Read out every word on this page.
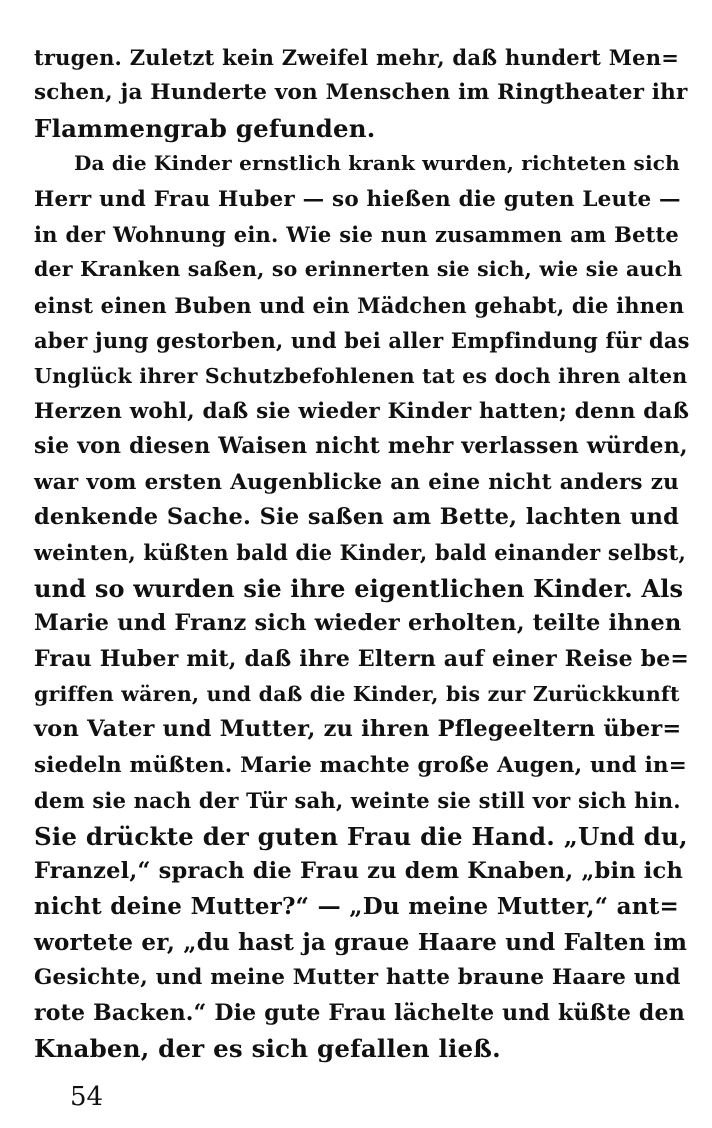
trugen. Zuletzt kein Zweifel mehr, daß hundert Men=
schen, ja Hunderte von Menschen im Ringtheater ihr
Flammengrab gefunden.
Da die Kinder ernstlich krank wurden, richteten sich
Herr und Frau Huber — so hießen die guten Leute —
in der Wohnung ein. Wie sie nun zusammen am Bette
der Kranken saßen, so erinnerten sie sich, wie sie auch
einst einen Buben und ein Mädchen gehabt, die ihnen
aber jung gestorben, und bei aller Empfindung für das
Unglück ihrer Schutzbefohlenen tat es doch ihren alten
Herzen wohl, daß sie wieder Kinder hatten; denn daß
sie von diesen Waisen nicht mehr verlassen würden,
war vom ersten Augenblicke an eine nicht anders zu
denkende Sache. Sie saßen am Bette, lachten und
weinten, küßten bald die Kinder, bald einander selbst,
und so wurden sie ihre eigentlichen Kinder. Als
Marie und Franz sich wieder erholten, teilte ihnen
Frau Huber mit, daß ihre Eltern auf einer Reise be=
griffen wären, und daß die Kinder, bis zur Zurückkunft
von Vater und Mutter, zu ihren Pflegeeltern über=
siedeln müßten. Marie machte große Augen, und in=
dem sie nach der Tür sah, weinte sie still vor sich hin.
Sie drückte der guten Frau die Hand. „Und du,
Franzel,“ sprach die Frau zu dem Knaben, „bin ich
nicht deine Mutter?“ — „Du meine Mutter,“ ant=
wortete er, „du hast ja graue Haare und Falten im
Gesichte, und meine Mutter hatte braune Haare und
rote Backen.“ Die gute Frau lächelte und küßte den
Knaben, der es sich gefallen ließ.
54
